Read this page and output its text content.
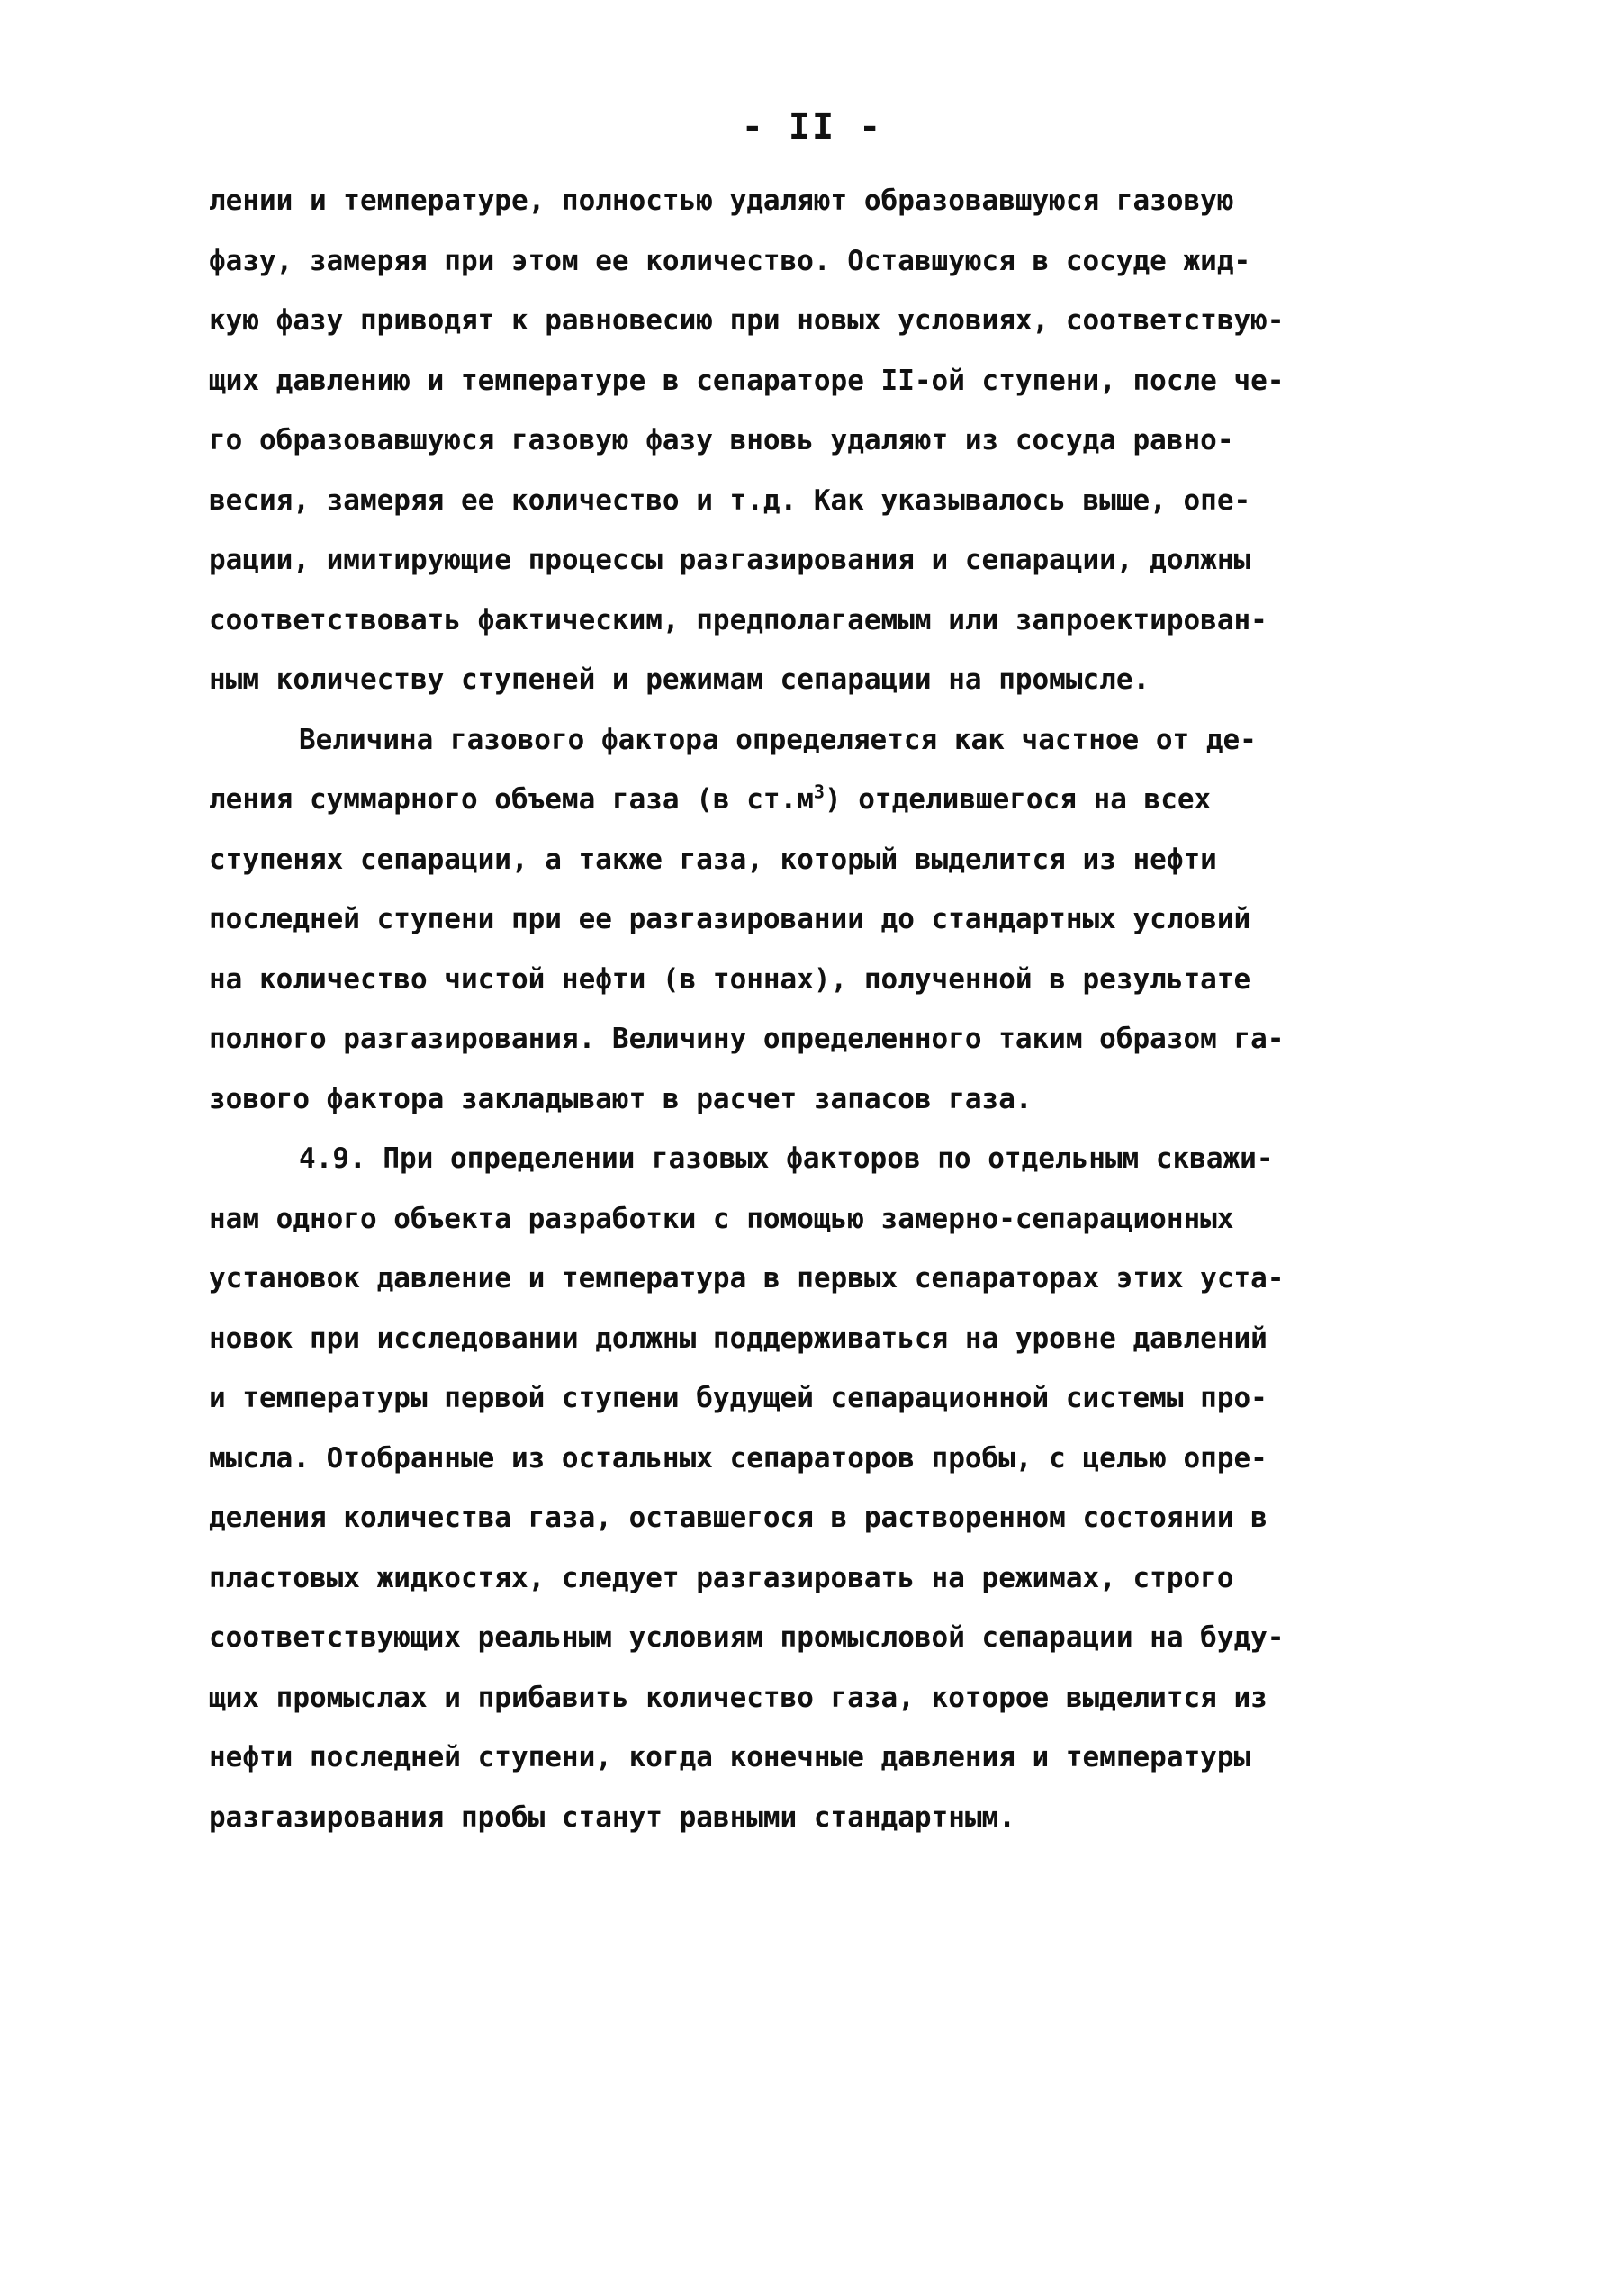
- II -
лении и температуре, полностью удаляют образовавшуюся газовую
фазу, замеряя при этом ее количество. Оставшуюся в сосуде жид-
кую фазу приводят к равновесию при новых условиях, соответствую-
щих давлению и температуре в сепараторе II-ой ступени, после че-
го образовавшуюся газовую фазу вновь удаляют из сосуда равно-
весия, замеряя ее количество и т.д. Как указывалось выше, опе-
рации, имитирующие процессы разгазирования и сепарации, должны
соответствовать фактическим, предполагаемым или запроектирован-
ным количеству ступеней и режимам сепарации на промысле.
Величина газового фактора определяется как частное от де-
ления суммарного объема газа (в $ст.м^3$) отделившегося на всех
ступенях сепарации, а также газа, который выделится из нефти
последней ступени при ее разгазировании до стандартных условий
на количество чистой нефти (в тоннах), полученной в результате
полного разгазирования. Величину определенного таким образом га-
зового фактора закладывают в расчет запасов газа.
4.9. При определении газовых факторов по отдельным скважи-
нам одного объекта разработки с помощью замерно-сепарационных
установок давление и температура в первых сепараторах этих уста-
новок при исследовании должны поддерживаться на уровне давлений
и температуры первой ступени будущей сепарационной системы про-
мысла. Отобранные из остальных сепараторов пробы, с целью опре-
деления количества газа, оставшегося в растворенном состоянии в
пластовых жидкостях, следует разгазировать на режимах, строго
соответствующих реальным условиям промысловой сепарации на буду-
щих промыслах и прибавить количество газа, которое выделится из
нефти последней ступени, когда конечные давления и температуры
разгазирования пробы станут равными стандартным.
